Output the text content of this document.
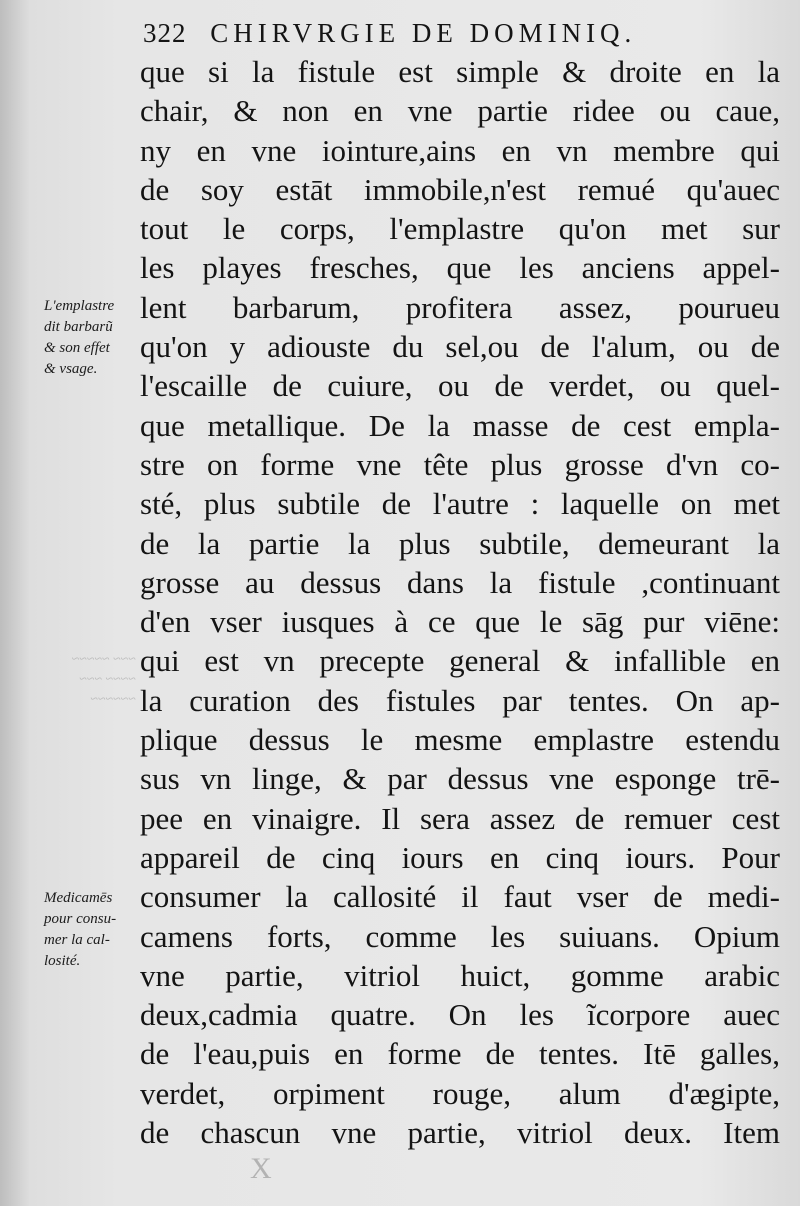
322 CHIRVRGIE DE DOMINIQ.
que si la fistule est simple & droite en la
chair, & non en vne partie ridee ou caue,
ny en vne iointure,ains en vn membre qui
de soy estāt immobile,n'est remué qu'auec
tout le corps, l'emplastre qu'on met sur
les playes fresches, que les anciens appel-
lent barbarum, profitera assez, pourueu
qu'on y adiouste du sel,ou de l'alum, ou de
l'escaille de cuiure, ou de verdet, ou quel-
que metallique. De la masse de cest empla-
stre on forme vne tête plus grosse d'vn co-
sté, plus subtile de l'autre : laquelle on met
de la partie la plus subtile, demeurant la
grosse au dessus dans la fistule ,continuant
d'en vser iusques à ce que le sāg pur viēne:
qui est vn precepte general & infallible en
la curation des fistules par tentes. On ap-
plique dessus le mesme emplastre estendu
sus vn linge, & par dessus vne esponge trē-
pee en vinaigre. Il sera assez de remuer cest
appareil de cinq iours en cinq iours. Pour
consumer la callosité il faut vser de medi-
camens forts, comme les suiuans. Opium
vne partie, vitriol huict, gomme arabic
deux,cadmia quatre. On les ĩcorpore auec
de l'eau,puis en forme de tentes. Itē galles,
verdet, orpiment rouge, alum d'ægipte,
de chascun vne partie, vitriol deux. Item
L'emplastre
dit barbarũ
& son effet
& vsage.
~~~ ~~~~~
~~~~ ~~~
~~~~~~
Medicamēs
pour consu-
mer la cal-
losité.
X
